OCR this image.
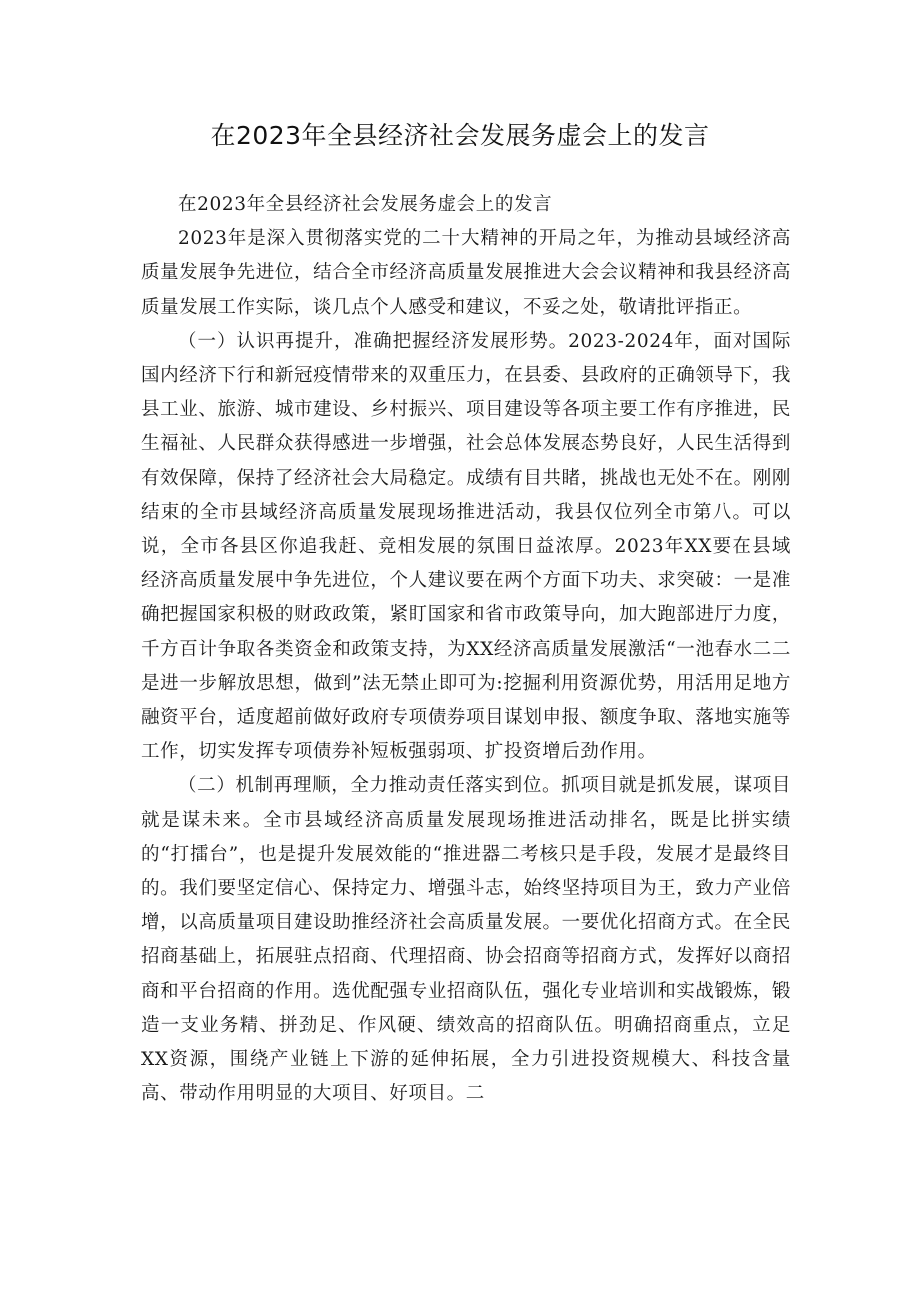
在2023年全县经济社会发展务虚会上的发言

在2023年全县经济社会发展务虚会上的发言

2023年是深入贯彻落实党的二十大精神的开局之年，为推动县域经济高质量发展争先进位，结合全市经济高质量发展推进大会会议精神和我县经济高质量发展工作实际，谈几点个人感受和建议，不妥之处，敬请批评指正。

（一）认识再提升，准确把握经济发展形势。2023-2024年，面对国际国内经济下行和新冠疫情带来的双重压力，在县委、县政府的正确领导下，我县工业、旅游、城市建设、乡村振兴、项目建设等各项主要工作有序推进，民生福祉、人民群众获得感进一步增强，社会总体发展态势良好，人民生活得到有效保障，保持了经济社会大局稳定。成绩有目共睹，挑战也无处不在。刚刚结束的全市县域经济高质量发展现场推进活动，我县仅位列全市第八。可以说，全市各县区你追我赶、竞相发展的氛围日益浓厚。2023年XX要在县域经济高质量发展中争先进位，个人建议要在两个方面下功夫、求突破：一是准确把握国家积极的财政政策，紧盯国家和省市政策导向，加大跑部进厅力度，千方百计争取各类资金和政策支持，为XX经济高质量发展激活“一池春水二二是进一步解放思想，做到”法无禁止即可为:挖掘利用资源优势，用活用足地方融资平台，适度超前做好政府专项债券项目谋划申报、额度争取、落地实施等工作，切实发挥专项债券补短板强弱项、扩投资增后劲作用。

（二）机制再理顺，全力推动责任落实到位。抓项目就是抓发展，谋项目就是谋未来。全市县域经济高质量发展现场推进活动排名，既是比拼实绩的“打擂台”，也是提升发展效能的“推进器二考核只是手段，发展才是最终目的。我们要坚定信心、保持定力、增强斗志，始终坚持项目为王，致力产业倍增，以高质量项目建设助推经济社会高质量发展。一要优化招商方式。在全民招商基础上，拓展驻点招商、代理招商、协会招商等招商方式，发挥好以商招商和平台招商的作用。选优配强专业招商队伍，强化专业培训和实战锻炼，锻造一支业务精、拼劲足、作风硬、绩效高的招商队伍。明确招商重点，立足XX资源，围绕产业链上下游的延伸拓展，全力引进投资规模大、科技含量高、带动作用明显的大项目、好项目。二
